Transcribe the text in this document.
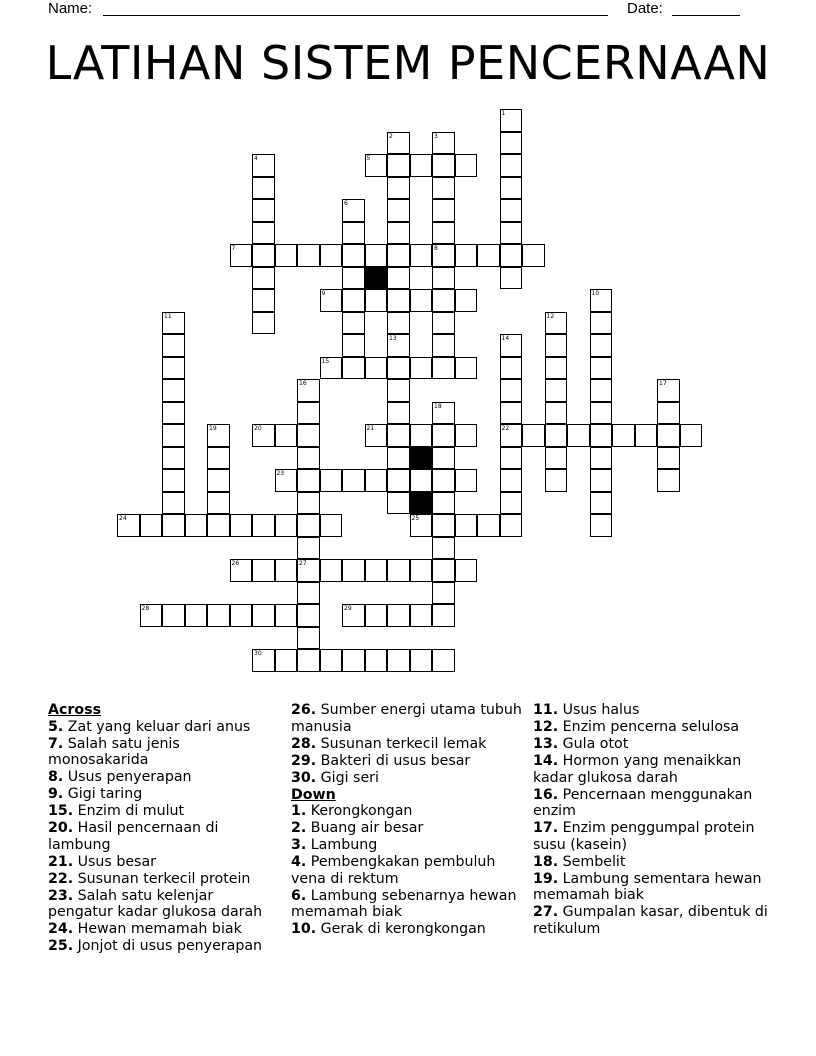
Name:	Date:
LATIHAN SISTEM PENCERNAAN
5
7	8
9
15
20	21	22
23
24	25
26	27
28	29
30
1
2
13
3
4
6
10
11	12
14
16	17
18
19
Across
5. Zat yang keluar dari anus
7. Salah satu jenis monosakarida
8. Usus penyerapan
9. Gigi taring
15. Enzim di mulut
20. Hasil pencernaan di lambung
21. Usus besar
22. Susunan terkecil protein
23. Salah satu kelenjar pengatur kadar glukosa darah
24. Hewan memamah biak
25. Jonjot di usus penyerapan
26. Sumber energi utama tubuh manusia
28. Susunan terkecil lemak
29. Bakteri di usus besar
30. Gigi seri
Down
1. Kerongkongan
2. Buang air besar
3. Lambung
4. Pembengkakan pembuluh vena di rektum
6. Lambung sebenarnya hewan memamah biak
10. Gerak di kerongkongan
11. Usus halus
12. Enzim pencerna selulosa
13. Gula otot
14. Hormon yang menaikkan kadar glukosa darah
16. Pencernaan menggunakan enzim
17. Enzim penggumpal protein susu (kasein)
18. Sembelit
19. Lambung sementara hewan memamah biak
27. Gumpalan kasar, dibentuk di retikulum
